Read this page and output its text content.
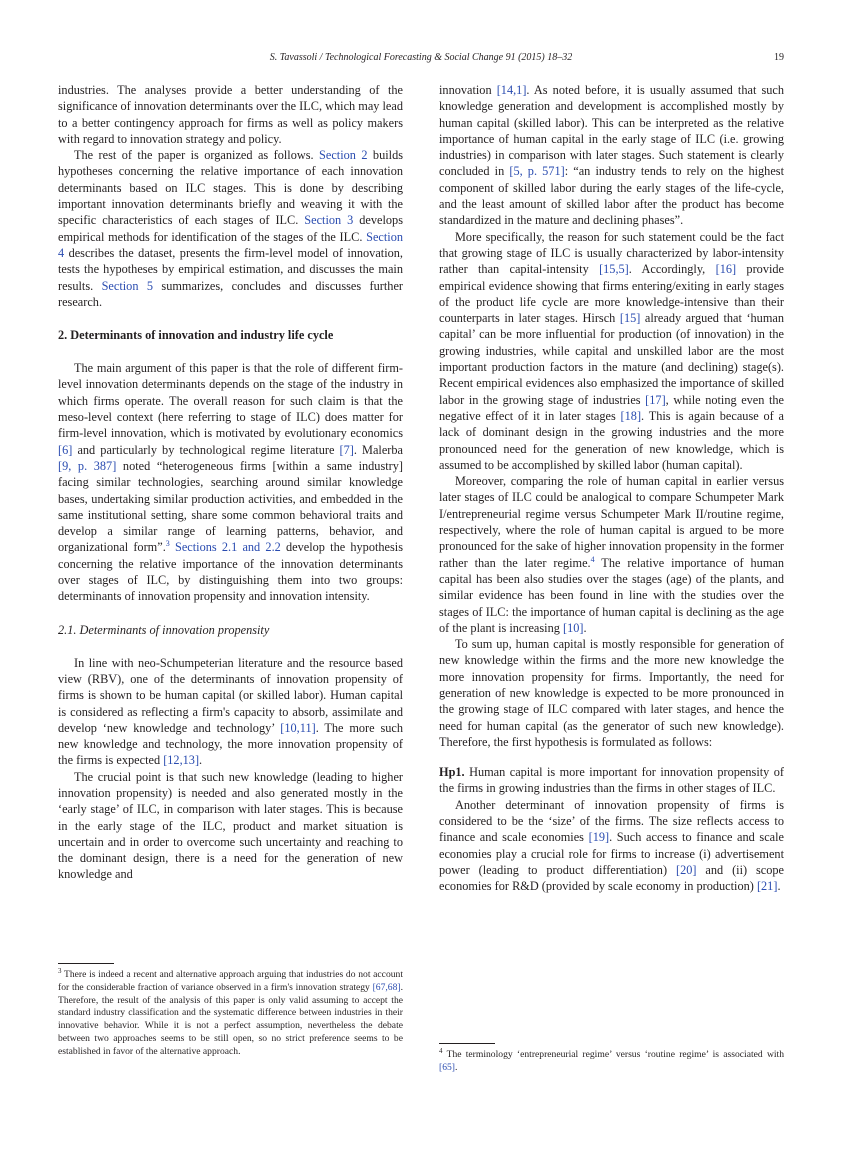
S. Tavassoli / Technological Forecasting & Social Change 91 (2015) 18–32	19

industries. The analyses provide a better understanding of the significance of innovation determinants over the ILC, which may lead to a better contingency approach for firms as well as policy makers with regard to innovation strategy and policy.

The rest of the paper is organized as follows. Section 2 builds hypotheses concerning the relative importance of each innovation determinants based on ILC stages. This is done by describing important innovation determinants briefly and weaving it with the specific characteristics of each stages of ILC. Section 3 develops empirical methods for identification of the stages of the ILC. Section 4 describes the dataset, presents the firm-level model of innovation, tests the hypotheses by empirical estimation, and discusses the main results. Section 5 summarizes, concludes and discusses further research.

2. Determinants of innovation and industry life cycle

The main argument of this paper is that the role of different firm-level innovation determinants depends on the stage of the industry in which firms operate. The overall reason for such claim is that the meso-level context (here referring to stage of ILC) does matter for firm-level innovation, which is motivated by evolutionary economics [6] and particularly by technological regime literature [7]. Malerba [9, p. 387] noted “heterogeneous firms [within a same industry] facing similar technologies, searching around similar knowledge bases, undertaking similar production activities, and embedded in the same institutional setting, share some common behavioral traits and develop a similar range of learning patterns, behavior, and organizational form”.$^3$ Sections 2.1 and 2.2 develop the hypothesis concerning the relative importance of the innovation determinants over stages of ILC, by distinguishing them into two groups: determinants of innovation propensity and innovation intensity.

2.1. Determinants of innovation propensity

In line with neo-Schumpeterian literature and the resource based view (RBV), one of the determinants of innovation propensity of firms is shown to be human capital (or skilled labor). Human capital is considered as reflecting a firm's capacity to absorb, assimilate and develop ‘new knowledge and technology’ [10,11]. The more such new knowledge and technology, the more innovation propensity of the firms is expected [12,13].

The crucial point is that such new knowledge (leading to higher innovation propensity) is needed and also generated mostly in the ‘early stage’ of ILC, in comparison with later stages. This is because in the early stage of the ILC, product and market situation is uncertain and in order to overcome such uncertainty and reaching to the dominant design, there is a need for the generation of new knowledge and

$^3$ There is indeed a recent and alternative approach arguing that industries do not account for the considerable fraction of variance observed in a firm's innovation strategy [67,68]. Therefore, the result of the analysis of this paper is only valid assuming to accept the standard industry classification and the systematic difference between industries in their innovative behavior. While it is not a perfect assumption, nevertheless the debate between two approaches seems to be still open, so no strict preference seems to be established in favor of the alternative approach.

innovation [14,1]. As noted before, it is usually assumed that such knowledge generation and development is accomplished mostly by human capital (skilled labor). This can be interpreted as the relative importance of human capital in the early stage of ILC (i.e. growing industries) in comparison with later stages. Such statement is clearly concluded in [5, p. 571]: “an industry tends to rely on the highest component of skilled labor during the early stages of the life-cycle, and the least amount of skilled labor after the product has become standardized in the mature and declining phases”.

More specifically, the reason for such statement could be the fact that growing stage of ILC is usually characterized by labor-intensity rather than capital-intensity [15,5]. Accordingly, [16] provide empirical evidence showing that firms entering/exiting in early stages of the product life cycle are more knowledge-intensive than their counterparts in later stages. Hirsch [15] already argued that ‘human capital’ can be more influential for production (of innovation) in the growing industries, while capital and unskilled labor are the most important production factors in the mature (and declining) stage(s). Recent empirical evidences also emphasized the importance of skilled labor in the growing stage of industries [17], while noting even the negative effect of it in later stages [18]. This is again because of a lack of dominant design in the growing industries and the more pronounced need for the generation of new knowledge, which is assumed to be accomplished by skilled labor (human capital).

Moreover, comparing the role of human capital in earlier versus later stages of ILC could be analogical to compare Schumpeter Mark I/entrepreneurial regime versus Schumpeter Mark II/routine regime, respectively, where the role of human capital is argued to be more pronounced for the sake of higher innovation propensity in the former rather than the later regime.$^4$ The relative importance of human capital has been also studies over the stages (age) of the plants, and similar evidence has been found in line with the studies over the stages of ILC: the importance of human capital is declining as the age of the plant is increasing [10].

To sum up, human capital is mostly responsible for generation of new knowledge within the firms and the more new knowledge the more innovation propensity for firms. Importantly, the need for generation of new knowledge is expected to be more pronounced in the growing stage of ILC compared with later stages, and hence the need for human capital (as the generator of such new knowledge). Therefore, the first hypothesis is formulated as follows:

Hp1. Human capital is more important for innovation propensity of the firms in growing industries than the firms in other stages of ILC.

Another determinant of innovation propensity of firms is considered to be the ‘size’ of the firms. The size reflects access to finance and scale economies [19]. Such access to finance and scale economies play a crucial role for firms to increase (i) advertisement power (leading to product differentiation) [20] and (ii) scope economies for R&D (provided by scale economy in production) [21].

$^4$ The terminology ‘entrepreneurial regime’ versus ‘routine regime’ is associated with [65].
